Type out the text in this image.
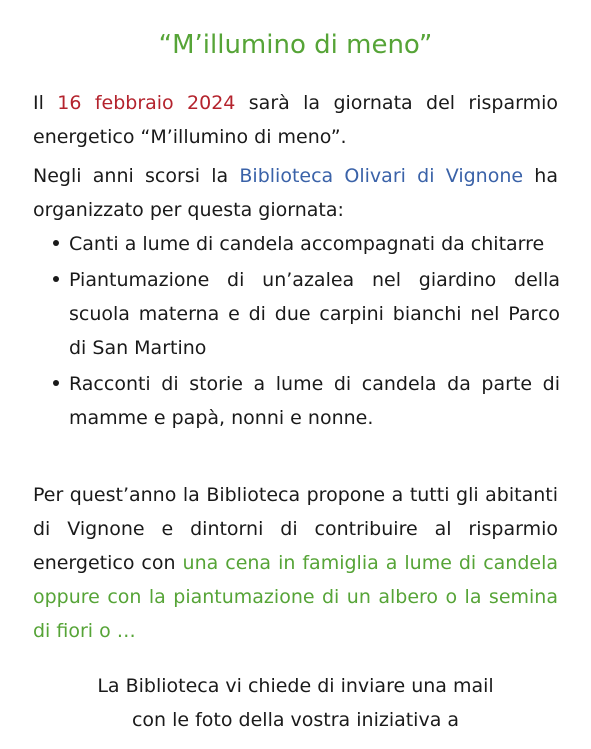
“M’illumino di meno”
Il 16 febbraio 2024 sarà la giornata del risparmio energetico “M’illumino di meno”.
Negli anni scorsi la Biblioteca Olivari di Vignone ha organizzato per questa giornata:
Canti a lume di candela accompagnati da chitarre
Piantumazione di un’azalea nel giardino della scuola materna e di due carpini bianchi nel Parco di San Martino
Racconti di storie a lume di candela da parte di mamme e papà, nonni e nonne.
Per quest’anno la Biblioteca propone a tutti gli abitanti di Vignone e dintorni di contribuire al risparmio energetico con una cena in famiglia a lume di candela oppure con la piantumazione di un albero o la semina di fiori o …
La Biblioteca vi chiede di inviare una mail
con le foto della vostra iniziativa a
